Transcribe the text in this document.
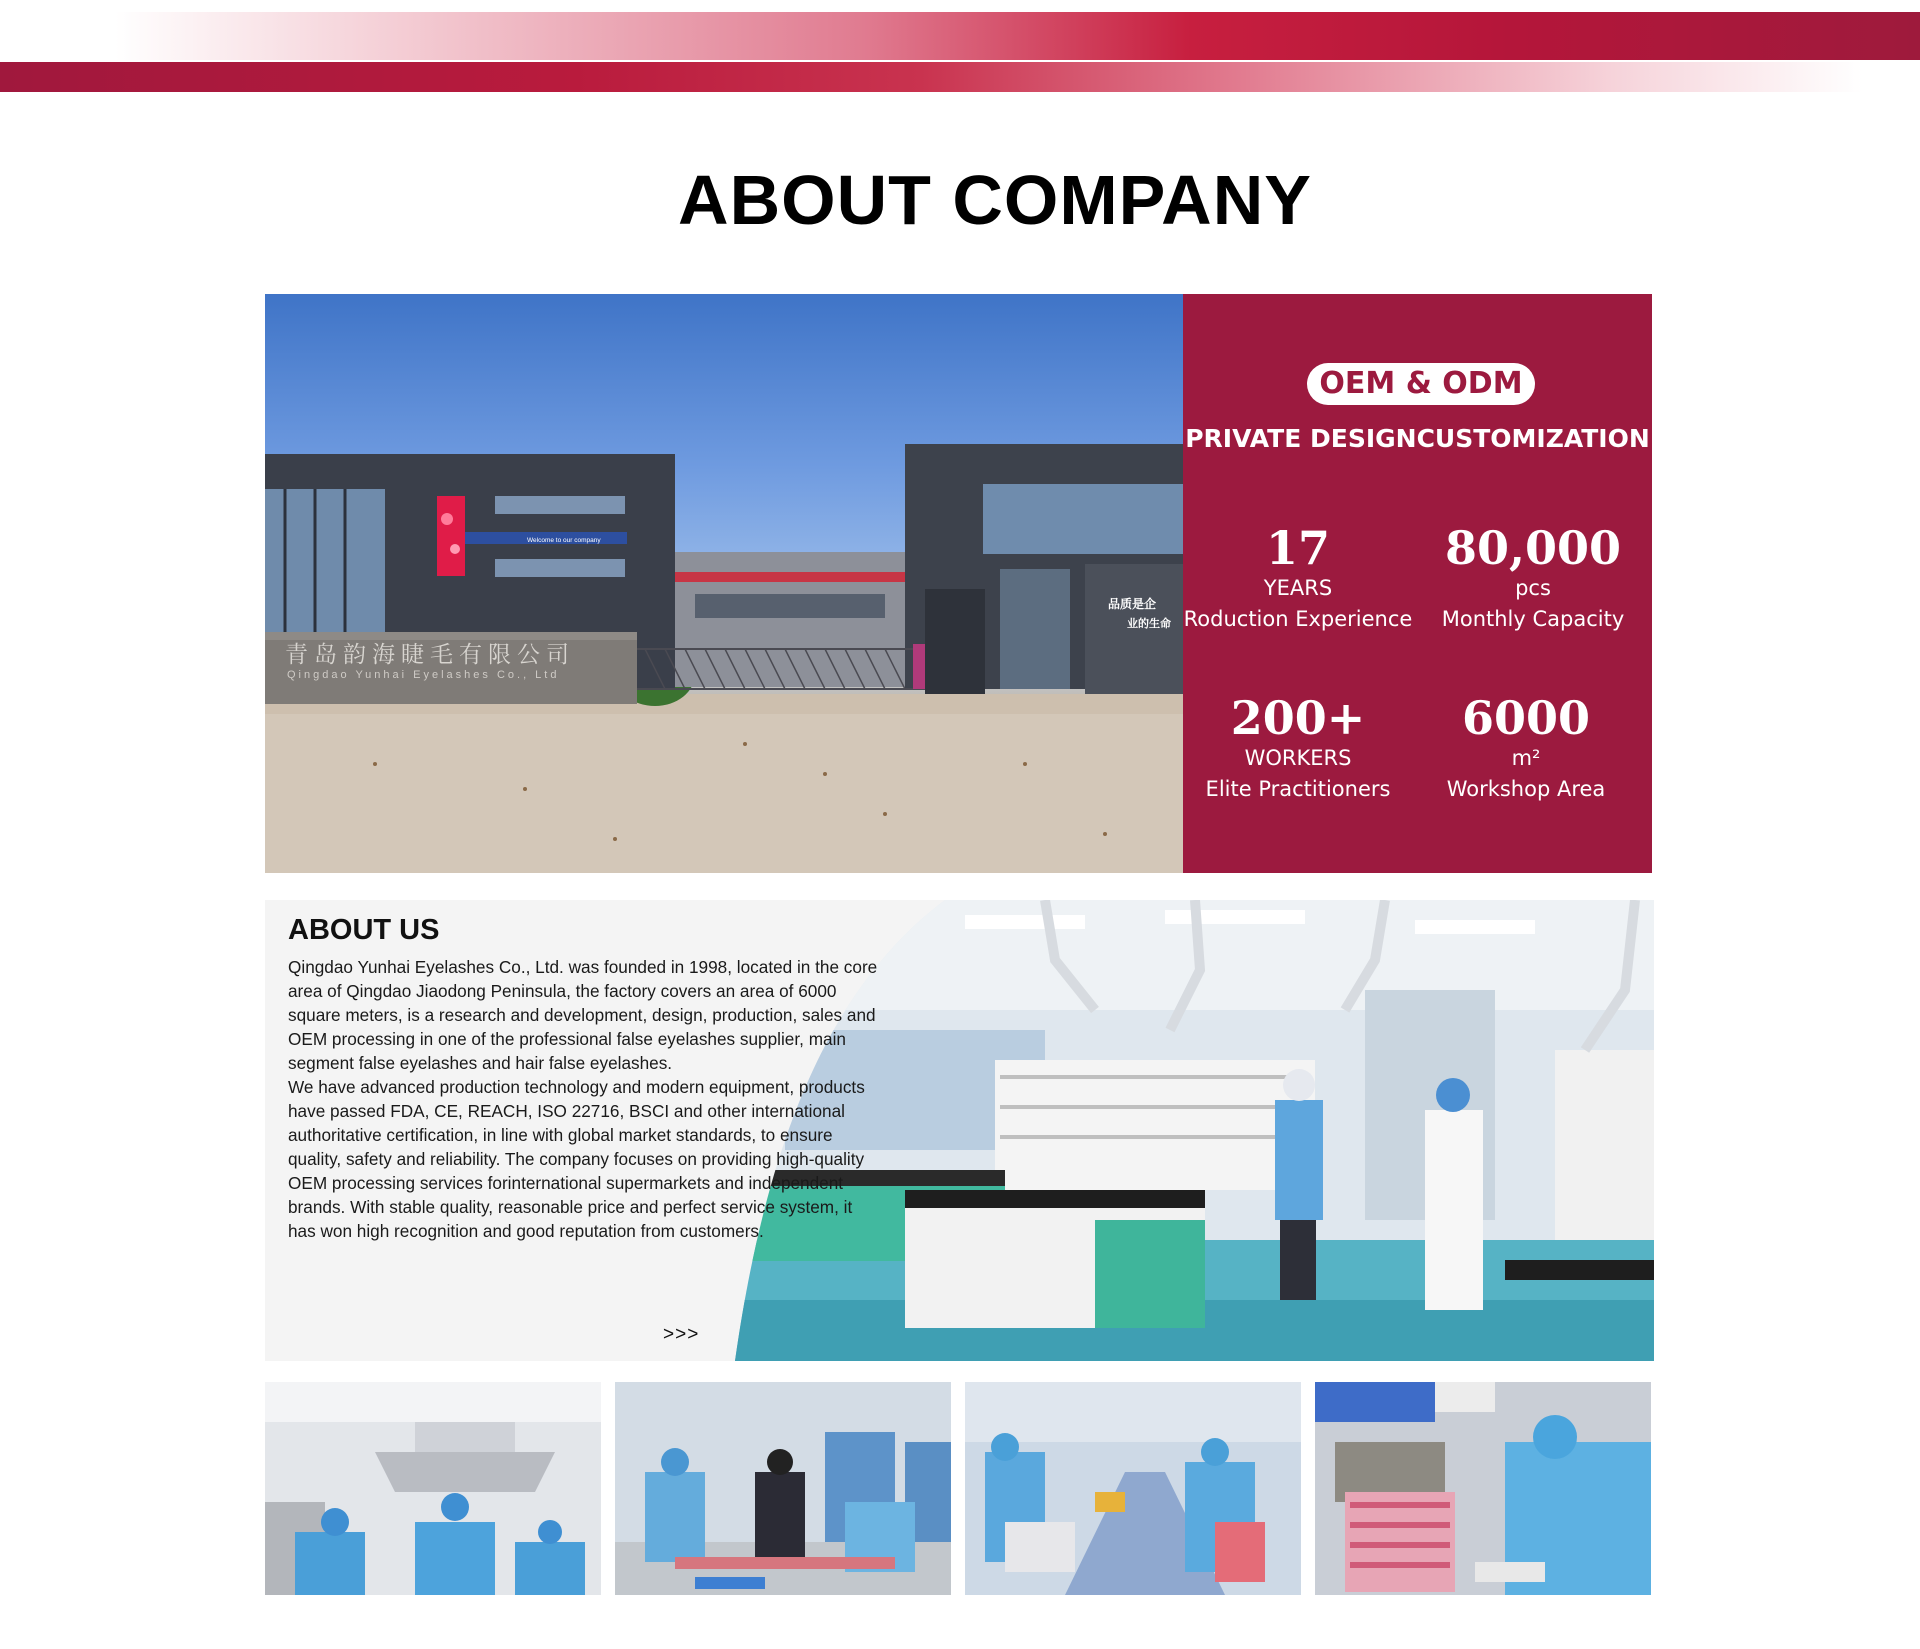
ABOUT COMPANY
Welcome to our company
品质是企
业的生命
青岛韵海睫毛有限公司
Qingdao Yunhai Eyelashes Co., Ltd
OEM & ODM
PRIVATE DESIGNCUSTOMIZATION
17
YEARS
Roduction Experience
80,000
pcs
Monthly Capacity
200+
WORKERS
Elite Practitioners
6000
m²
Workshop Area
ABOUT US

Qingdao Yunhai Eyelashes Co., Ltd. was founded in 1998, located in the core area of Qingdao Jiaodong Peninsula, the factory covers an area of 6000 square meters, is a research and development, design, production, sales and OEM processing in one of the professional false eyelashes supplier, main segment false eyelashes and hair false eyelashes.

We have advanced production technology and modern equipment, products have passed FDA, CE, REACH, ISO 22716, BSCI and other international authoritative certification, in line with global market standards, to ensure quality, safety and reliability. The company focuses on providing high-quality OEM processing services forinternational supermarkets and independent brands. With stable quality, reasonable price and perfect service system, it has won high recognition and good reputation from customers.

>>>
